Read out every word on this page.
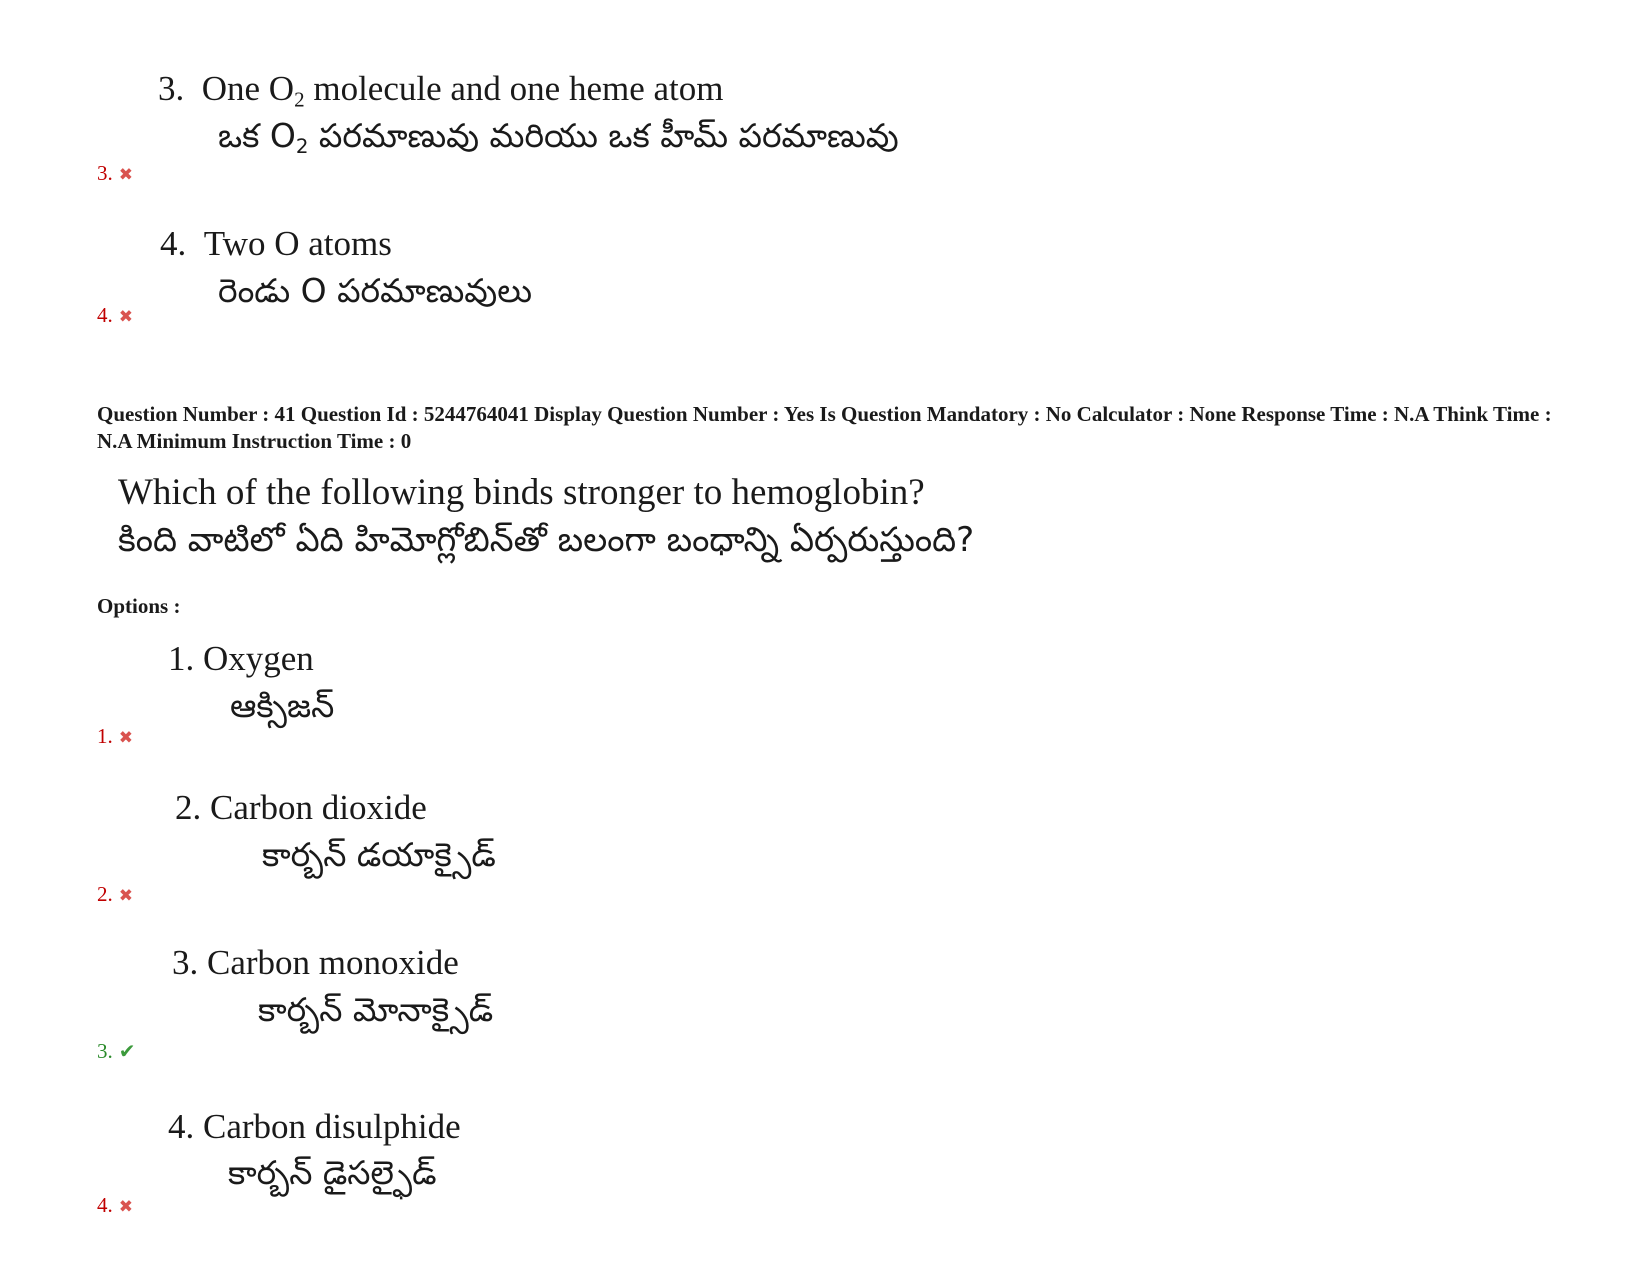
3. One $O_2$ molecule and one heme atom
ఒక $O_2$ పరమాణువు మరియు ఒక హీమ్ పరమాణువు
3. ✖
4. Two O atoms
రెండు O పరమాణువులు
4. ✖
Question Number : 41 Question Id : 5244764041 Display Question Number : Yes Is Question Mandatory : No Calculator : None Response Time : N.A Think Time : N.A Minimum Instruction Time : 0
Which of the following binds stronger to hemoglobin?
కింది వాటిలో ఏది హిమోగ్లోబిన్‌తో బలంగా బంధాన్ని ఏర్పరుస్తుంది?
Options :
1. Oxygen
ఆక్సిజన్
1. ✖
2. Carbon dioxide
కార్బన్ డయాక్సైడ్
2. ✖
3. Carbon monoxide
కార్బన్ మోనాక్సైడ్
3. ✔
4. Carbon disulphide
కార్బన్ డైసల్ఫైడ్
4. ✖
